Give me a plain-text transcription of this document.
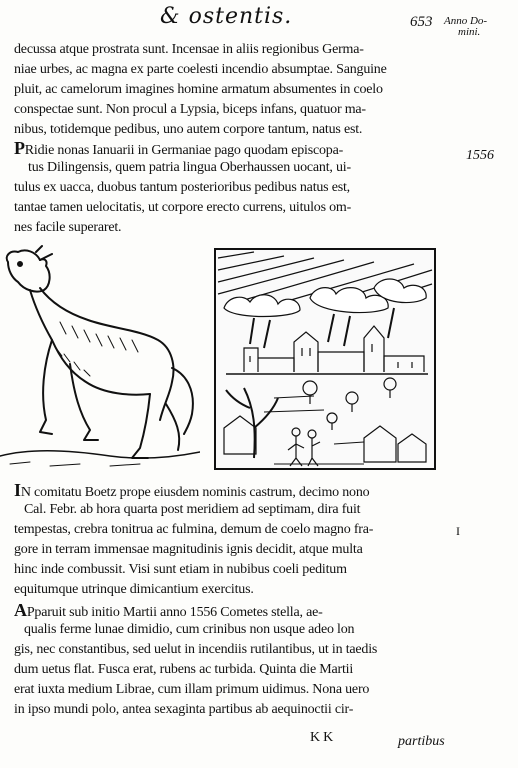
& ostentis.	653 Anno Do-
mini.
1556
I
decussa atque prostrata sunt. Incensae in aliis regionibus Germa-
niae urbes, ac magna ex parte coelesti incendio absumptae. Sanguine
pluit, ac camelorum imagines homine armatum absumentes in coelo
conspectae sunt. Non procul a Lypsia, biceps infans, quatuor ma-
nibus, totidemque pedibus, uno autem corpore tantum, natus est.
PRidie nonas Ianuarii in Germaniae pago quodam episcopa-
tus Dilingensis, quem patria lingua Oberhaussen uocant, ui-
tulus ex uacca, duobus tantum posterioribus pedibus natus est,
tantae tamen uelocitatis, ut corpore erecto currens, uitulos om-
nes facile superaret.
IN comitatu Boetz prope eiusdem nominis castrum, decimo nono
Cal. Febr. ab hora quarta post meridiem ad septimam, dira fuit
tempestas, crebra tonitrua ac fulmina, demum de coelo magno fra-
gore in terram immensae magnitudinis ignis decidit, atque multa
hinc inde combussit. Visi sunt etiam in nubibus coeli peditum
equitumque utrinque dimicantium exercitus.
APparuit sub initio Martii anno 1556 Cometes stella, ae-
qualis ferme lunae dimidio, cum crinibus non usque adeo lon
gis, nec constantibus, sed uelut in incendiis rutilantibus, ut in taedis
dum uetus flat. Fusca erat, rubens ac turbida. Quinta die Martii
erat iuxta medium Librae, cum illam primum uidimus. Nona uero
in ipso mundi polo, antea sexaginta partibus ab aequinoctii cir-
KK	partibus
